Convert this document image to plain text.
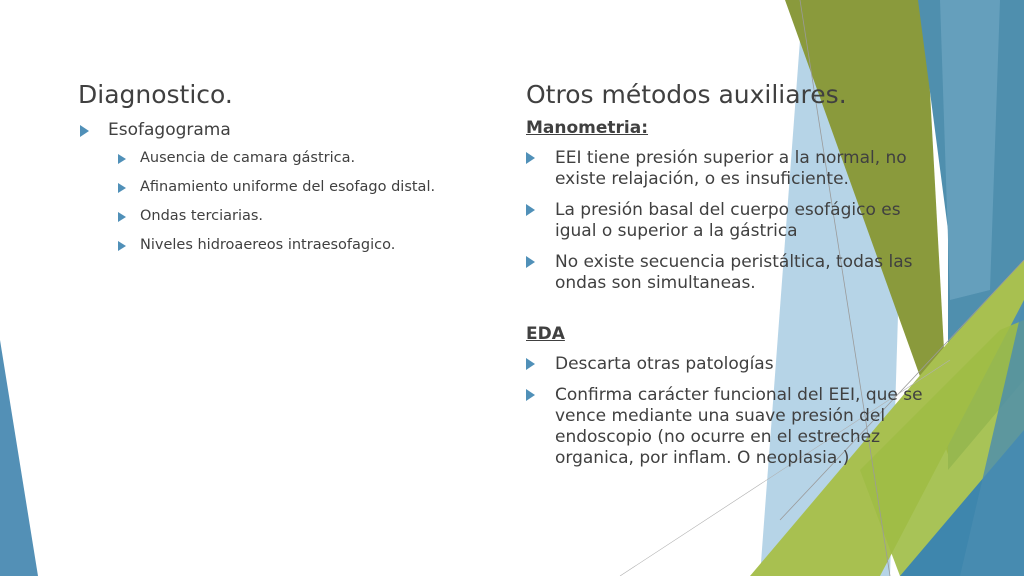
Diagnostico.	Otros métodos auxiliares.
Esofagograma
Ausencia de camara gástrica.
Afinamiento uniforme del esofago distal.
Ondas terciarias.
Niveles hidroaereos intraesofagico.
Manometria:
EEI tiene presión superior a la normal, no existe relajación, o es insuficiente.
La presión basal del cuerpo esofágico es igual o superior a la gástrica
No existe secuencia peristáltica, todas las ondas son simultaneas.
EDA
Descarta otras patologías
Confirma carácter funcional del EEI, que se vence mediante una suave presión del endoscopio (no ocurre en el estrechez organica, por inflam. O neoplasia.)
